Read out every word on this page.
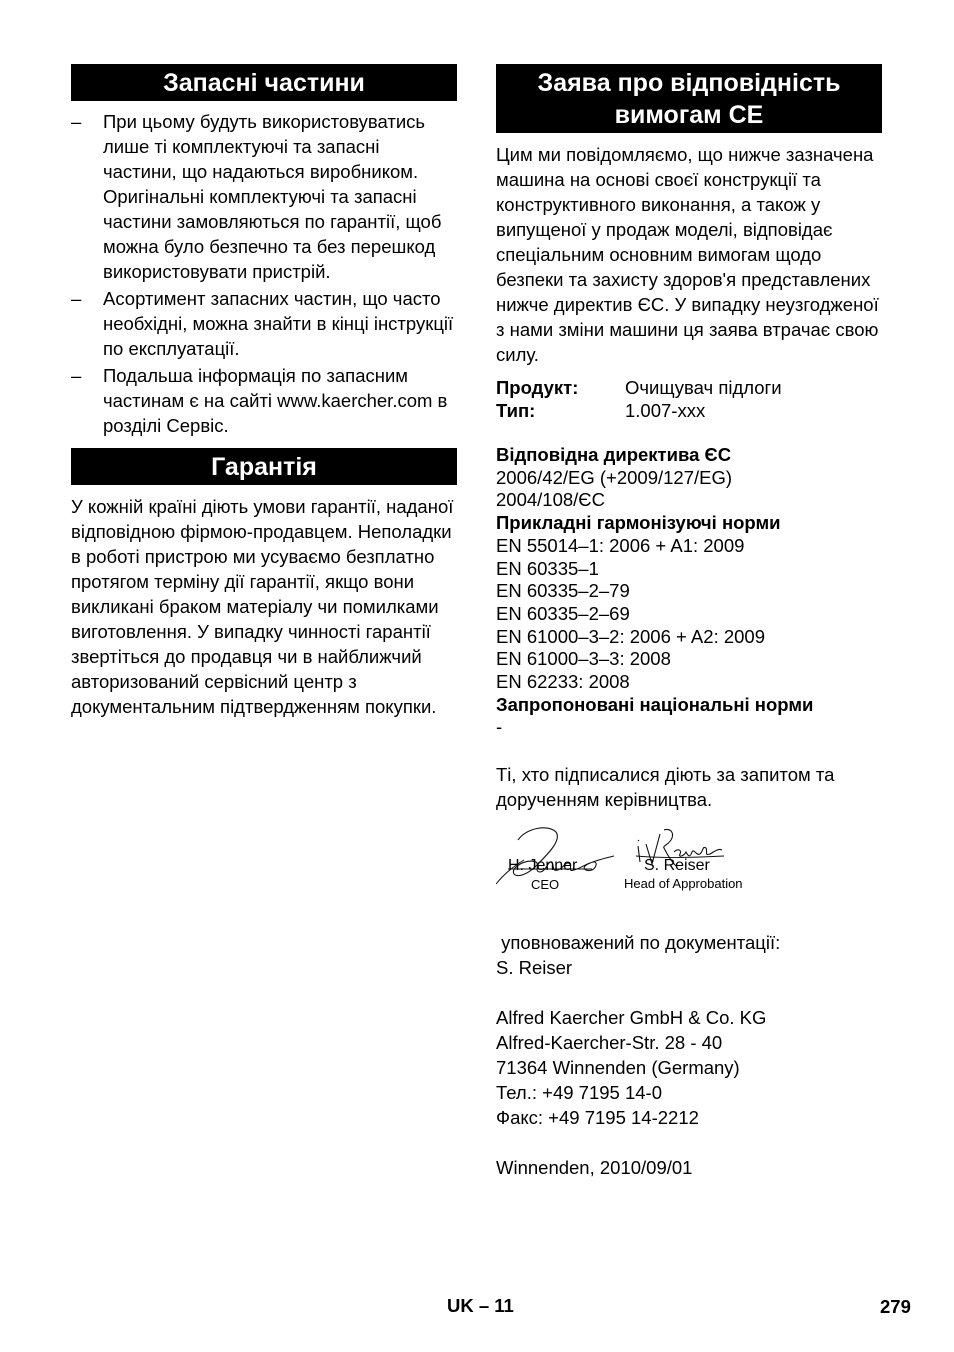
Запасні частини
–	При цьому будуть використовуватись лише ті комплектуючі та запасні частини, що надаються виробником. Оригінальні комплектуючі та запасні частини замовляються по гарантії, щоб можна було безпечно та без перешкод використовувати пристрій.
–	Асортимент запасних частин, що часто необхідні, можна знайти в кінці інструкції по експлуатації.
–	Подальша інформація по запасним частинам є на сайті www.kaercher.com в розділі Сервіс.
Гарантія
У кожній країні діють умови гарантії, наданої відповідною фірмою-продавцем. Неполадки в роботі пристрою ми усуваємо безплатно протягом терміну дії гарантії, якщо вони викликані браком матеріалу чи помилками виготовлення. У випадку чинності гарантії звертіться до продавця чи в найближчий авторизований сервісний центр з документальним підтвердженням покупки.
Заява про відповідність
вимогам CE
Цим ми повідомляємо, що нижче зазначена машина на основі своєї конструкції та конструктивного виконання, а також у випущеної у продаж моделі, відповідає спеціальним основним вимогам щодо безпеки та захисту здоров'я представлених нижче директив ЄС. У випадку неузгодженої з нами зміни машини ця заява втрачає свою силу.
Продукт:	Очищувач підлоги
Тип:	1.007-xxx
Відповідна директива ЄС
2006/42/EG (+2009/127/EG)
2004/108/ЄС
Прикладні гармонізуючі норми
EN 55014–1: 2006 + A1: 2009
EN 60335–1
EN 60335–2–79
EN 60335–2–69
EN 61000–3–2: 2006 + A2: 2009
EN 61000–3–3: 2008
EN 62233: 2008
Запропоновані національні норми
-
Ті, хто підписалися діють за запитом та дорученням керівництва.
H. Jenner
CEO
S. Reiser
Head of Approbation
уповноважений по документації:
S. Reiser
Alfred Kaercher GmbH & Co. KG
Alfred-Kaercher-Str. 28 - 40
71364 Winnenden (Germany)
Тел.: +49 7195 14-0
Факс: +49 7195 14-2212
Winnenden, 2010/09/01
UK – 11	279
